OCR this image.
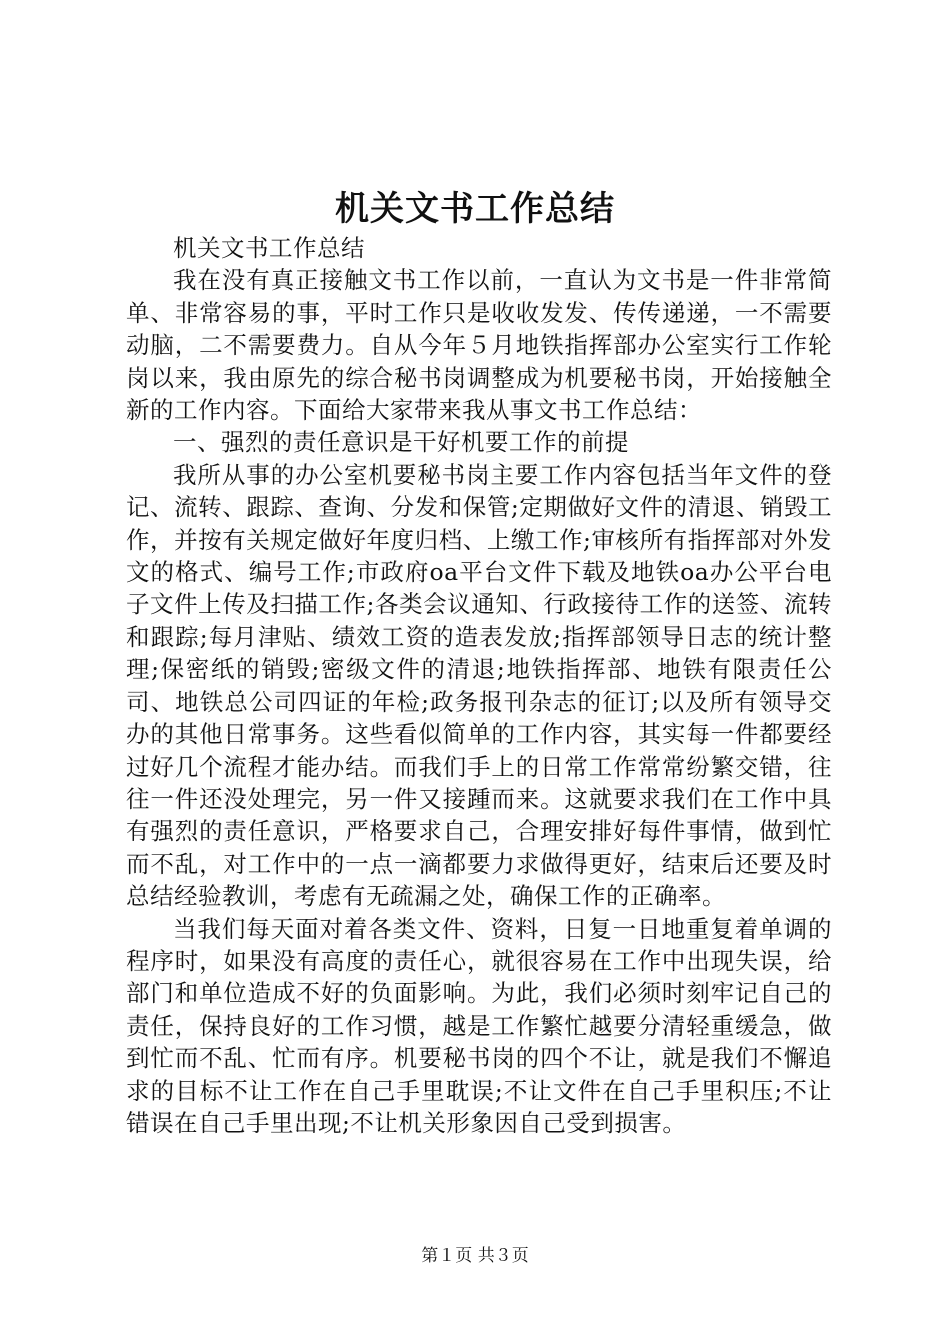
机关文书工作总结

机关文书工作总结

我在没有真正接触文书工作以前，一直认为文书是一件非常简单、非常容易的事，平时工作只是收收发发、传传递递，一不需要动脑，二不需要费力。自从今年５月地铁指挥部办公室实行工作轮岗以来，我由原先的综合秘书岗调整成为机要秘书岗，开始接触全新的工作内容。下面给大家带来我从事文书工作总结：

一、强烈的责任意识是干好机要工作的前提

我所从事的办公室机要秘书岗主要工作内容包括当年文件的登记、流转、跟踪、查询、分发和保管;定期做好文件的清退、销毁工作，并按有关规定做好年度归档、上缴工作;审核所有指挥部对外发文的格式、编号工作;市政府oa平台文件下载及地铁oa办公平台电子文件上传及扫描工作;各类会议通知、行政接待工作的送签、流转和跟踪;每月津贴、绩效工资的造表发放;指挥部领导日志的统计整理;保密纸的销毁;密级文件的清退;地铁指挥部、地铁有限责任公司、地铁总公司四证的年检;政务报刊杂志的征订;以及所有领导交办的其他日常事务。这些看似简单的工作内容，其实每一件都要经过好几个流程才能办结。而我们手上的日常工作常常纷繁交错，往往一件还没处理完，另一件又接踵而来。这就要求我们在工作中具有强烈的责任意识，严格要求自己，合理安排好每件事情，做到忙而不乱，对工作中的一点一滴都要力求做得更好，结束后还要及时总结经验教训，考虑有无疏漏之处，确保工作的正确率。

当我们每天面对着各类文件、资料，日复一日地重复着单调的程序时，如果没有高度的责任心，就很容易在工作中出现失误，给部门和单位造成不好的负面影响。为此，我们必须时刻牢记自己的责任，保持良好的工作习惯，越是工作繁忙越要分清轻重缓急，做到忙而不乱、忙而有序。机要秘书岗的四个不让，就是我们不懈追求的目标不让工作在自己手里耽误;不让文件在自己手里积压;不让错误在自己手里出现;不让机关形象因自己受到损害。

第１页 共３页
